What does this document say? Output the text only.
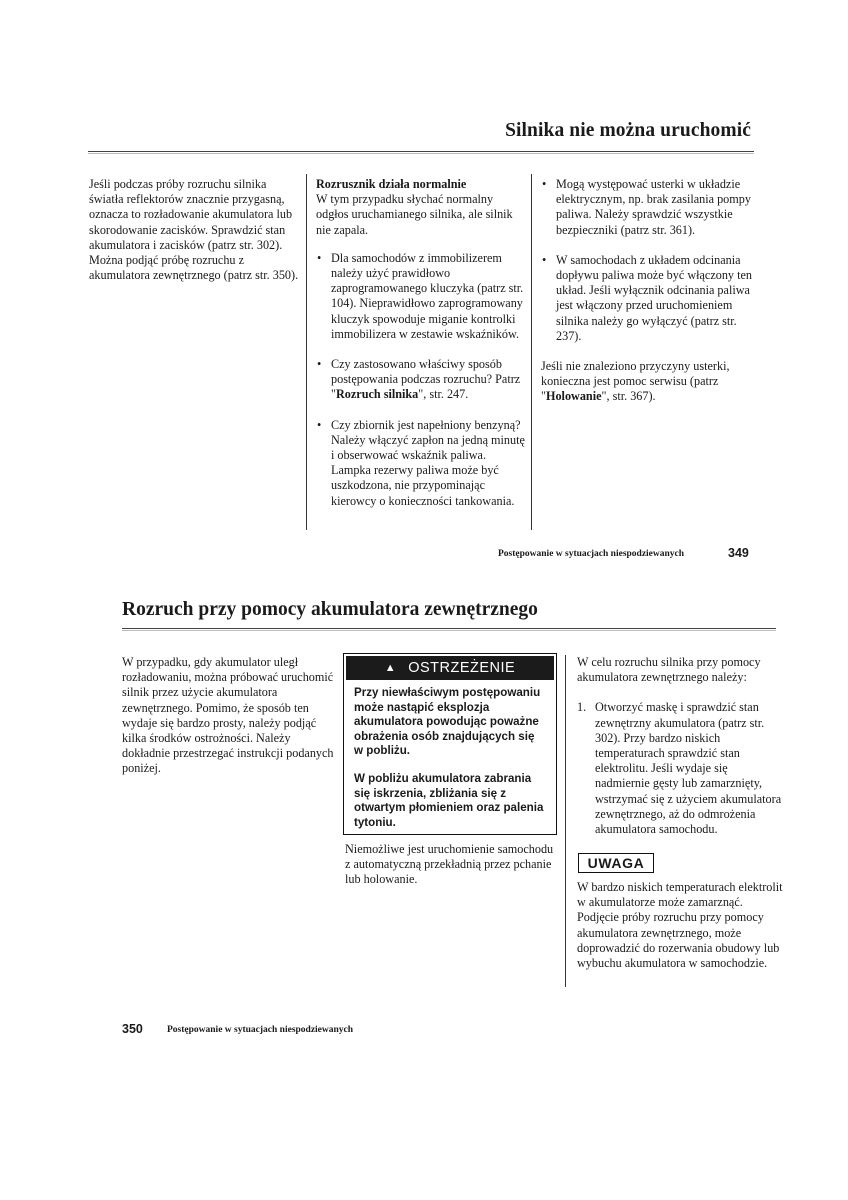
Silnika nie można uruchomić

Jeśli podczas próby rozruchu silnika światła reflektorów znacznie przygasną, oznacza to rozładowanie akumulatora lub skorodowanie zacisków. Sprawdzić stan akumulatora i zacisków (patrz str. 302). Można podjąć próbę rozruchu z akumulatora zewnętrznego (patrz str. 350).

Rozrusznik działa normalnie

W tym przypadku słychać normalny odgłos uruchamianego silnika, ale silnik nie zapala.

• Dla samochodów z immobilizerem należy użyć prawidłowo zaprogramowanego kluczyka (patrz str. 104). Nieprawidłowo zaprogramowany kluczyk spowoduje miganie kontrolki immobilizera w zestawie wskaźników.
• Czy zastosowano właściwy sposób postępowania podczas rozruchu? Patrz "Rozruch silnika", str. 247.
• Czy zbiornik jest napełniony benzyną? Należy włączyć zapłon na jedną minutę i obserwować wskaźnik paliwa. Lampka rezerwy paliwa może być uszkodzona, nie przypominając kierowcy o konieczności tankowania.
• Mogą występować usterki w układzie elektrycznym, np. brak zasilania pompy paliwa. Należy sprawdzić wszystkie bezpieczniki (patrz str. 361).
• W samochodach z układem odcinania dopływu paliwa może być włączony ten układ. Jeśli wyłącznik odcinania paliwa jest włączony przed uruchomieniem silnika należy go wyłączyć (patrz str. 237).

Jeśli nie znaleziono przyczyny usterki, konieczna jest pomoc serwisu (patrz "Holowanie", str. 367).

Postępowanie w sytuacjach niespodziewanych	349
Rozruch przy pomocy akumulatora zewnętrznego

W przypadku, gdy akumulator uległ rozładowaniu, można próbować uruchomić silnik przez użycie akumulatora zewnętrznego. Pomimo, że sposób ten wydaje się bardzo prosty, należy podjąć kilka środków ostrożności. Należy dokładnie przestrzegać instrukcji podanych poniżej.

▲ OSTRZEŻENIE

Przy niewłaściwym postępowaniu może nastąpić eksplozja akumulatora powodując poważne obrażenia osób znajdujących się w pobliżu.

W pobliżu akumulatora zabrania się iskrzenia, zbliżania się z otwartym płomieniem oraz palenia tytoniu.

Niemożliwe jest uruchomienie samochodu z automatyczną przekładnią przez pchanie lub holowanie.

W celu rozruchu silnika przy pomocy akumulatora zewnętrznego należy:

1. Otworzyć maskę i sprawdzić stan zewnętrzny akumulatora (patrz str. 302). Przy bardzo niskich temperaturach sprawdzić stan elektrolitu. Jeśli wydaje się nadmiernie gęsty lub zamarznięty, wstrzymać się z użyciem akumulatora zewnętrznego, aż do odmrożenia akumulatora samochodu.
UWAGA

W bardzo niskich temperaturach elektrolit w akumulatorze może zamarznąć. Podjęcie próby rozruchu przy pomocy akumulatora zewnętrznego, może doprowadzić do rozerwania obudowy lub wybuchu akumulatora w samochodzie.

350	Postępowanie w sytuacjach niespodziewanych
